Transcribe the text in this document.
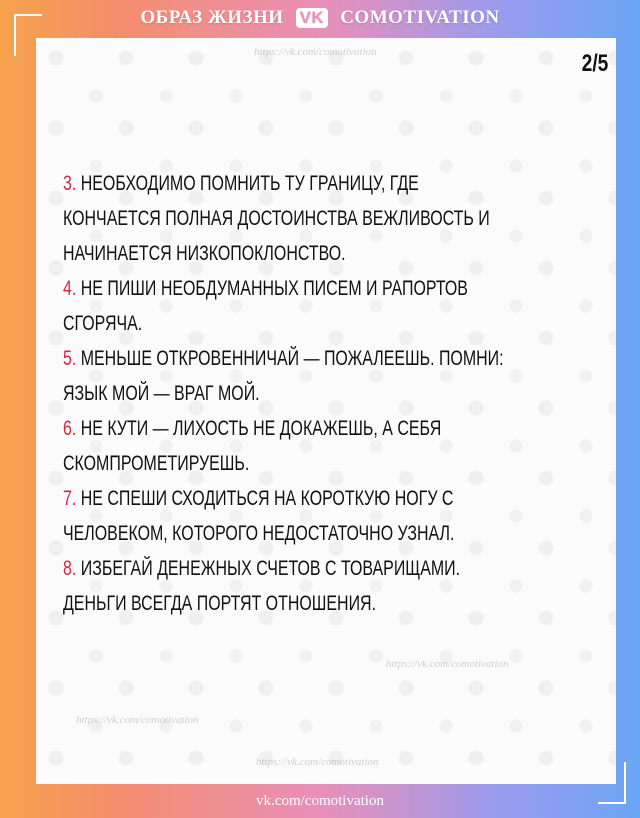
ОБРАЗ ЖИЗНИ VK COMOTIVATION
https://vk.com/comotivation
https://vk.com/comotivation
https://vk.com/comotivation
https://vk.com/comotivation
2/5
3. НЕОБХОДИМО ПОМНИТЬ ТУ ГРАНИЦУ, ГДЕ
КОНЧАЕТСЯ ПОЛНАЯ ДОСТОИНСТВА ВЕЖЛИВОСТЬ И
НАЧИНАЕТСЯ НИЗКОПОКЛОНСТВО.
4. НЕ ПИШИ НЕОБДУМАННЫХ ПИСЕМ И РАПОРТОВ
СГОРЯЧА.
5. МЕНЬШЕ ОТКРОВЕННИЧАЙ — ПОЖАЛЕЕШЬ. ПОМНИ:
ЯЗЫК МОЙ — ВРАГ МОЙ.
6. НЕ КУТИ — ЛИХОСТЬ НЕ ДОКАЖЕШЬ, А СЕБЯ
СКОМПРОМЕТИРУЕШЬ.
7. НЕ СПЕШИ СХОДИТЬСЯ НА КОРОТКУЮ НОГУ С
ЧЕЛОВЕКОМ, КОТОРОГО НЕДОСТАТОЧНО УЗНАЛ.
8. ИЗБЕГАЙ ДЕНЕЖНЫХ СЧЕТОВ С ТОВАРИЩАМИ.
ДЕНЬГИ ВСЕГДА ПОРТЯТ ОТНОШЕНИЯ.
vk.com/comotivation
